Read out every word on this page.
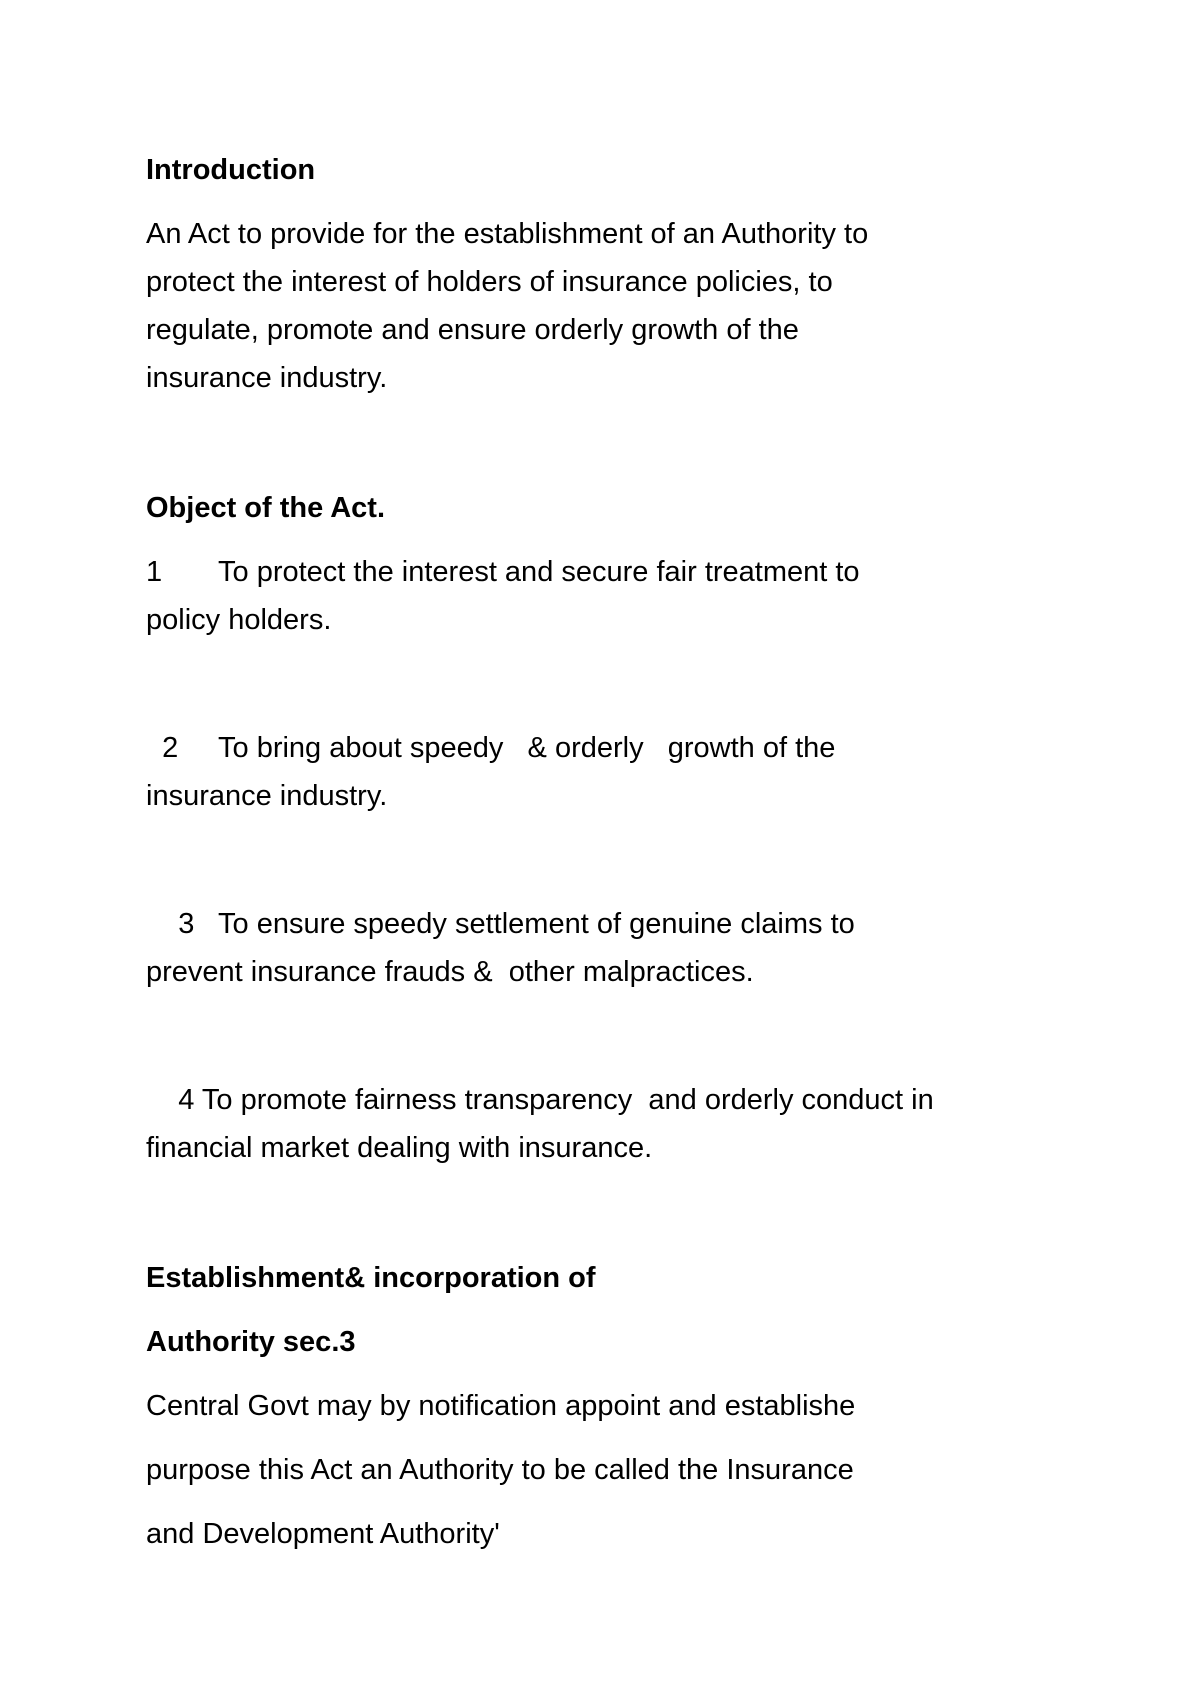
Introduction
An Act to provide for the establishment of an Authority to
protect the interest of holders of insurance policies, to
regulate, promote and ensure orderly growth of the
insurance industry.
Object of the Act.
1       To protect the interest and secure fair treatment to
policy holders.
2     To bring about speedy   & orderly   growth of the
insurance industry.
3   To ensure speedy settlement of genuine claims to
prevent insurance frauds &  other malpractices.
4 To promote fairness transparency  and orderly conduct in
financial market dealing with insurance.
Establishment& incorporation of
Authority sec.3
Central Govt may by notification appoint and establishe
purpose this Act an Authority to be called the Insurance
and Development Authority'
